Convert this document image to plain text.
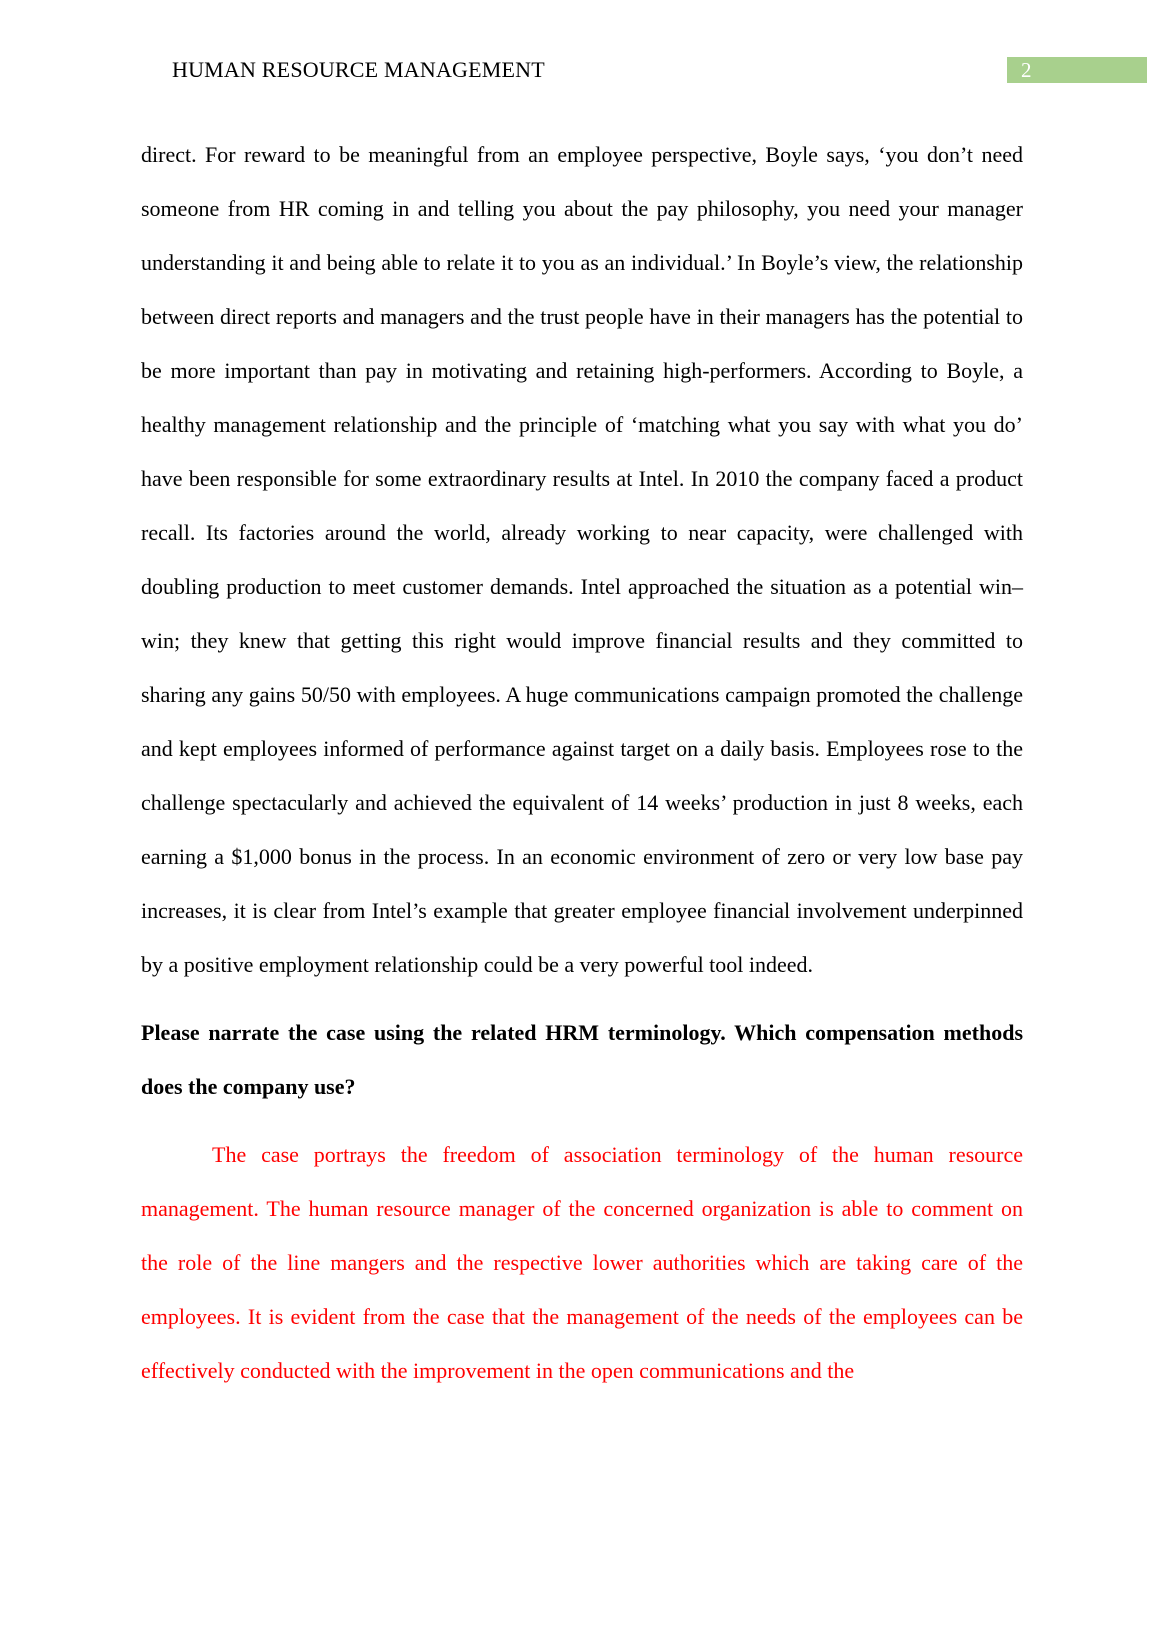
HUMAN RESOURCE MANAGEMENT	2

direct. For reward to be meaningful from an employee perspective, Boyle says, ‘you don’t need someone from HR coming in and telling you about the pay philosophy, you need your manager understanding it and being able to relate it to you as an individual.’ In Boyle’s view, the relationship between direct reports and managers and the trust people have in their managers has the potential to be more important than pay in motivating and retaining high-performers. According to Boyle, a healthy management relationship and the principle of ‘matching what you say with what you do’ have been responsible for some extraordinary results at Intel. In 2010 the company faced a product recall. Its factories around the world, already working to near capacity, were challenged with doubling production to meet customer demands. Intel approached the situation as a potential win–win; they knew that getting this right would improve financial results and they committed to sharing any gains 50/50 with employees. A huge communications campaign promoted the challenge and kept employees informed of performance against target on a daily basis. Employees rose to the challenge spectacularly and achieved the equivalent of 14 weeks’ production in just 8 weeks, each earning a $1,000 bonus in the process. In an economic environment of zero or very low base pay increases, it is clear from Intel’s example that greater employee financial involvement underpinned by a positive employment relationship could be a very powerful tool indeed.

Please narrate the case using the related HRM terminology. Which compensation methods does the company use?

The case portrays the freedom of association terminology of the human resource management. The human resource manager of the concerned organization is able to comment on the role of the line mangers and the respective lower authorities which are taking care of the employees. It is evident from the case that the management of the needs of the employees can be effectively conducted with the improvement in the open communications and the
